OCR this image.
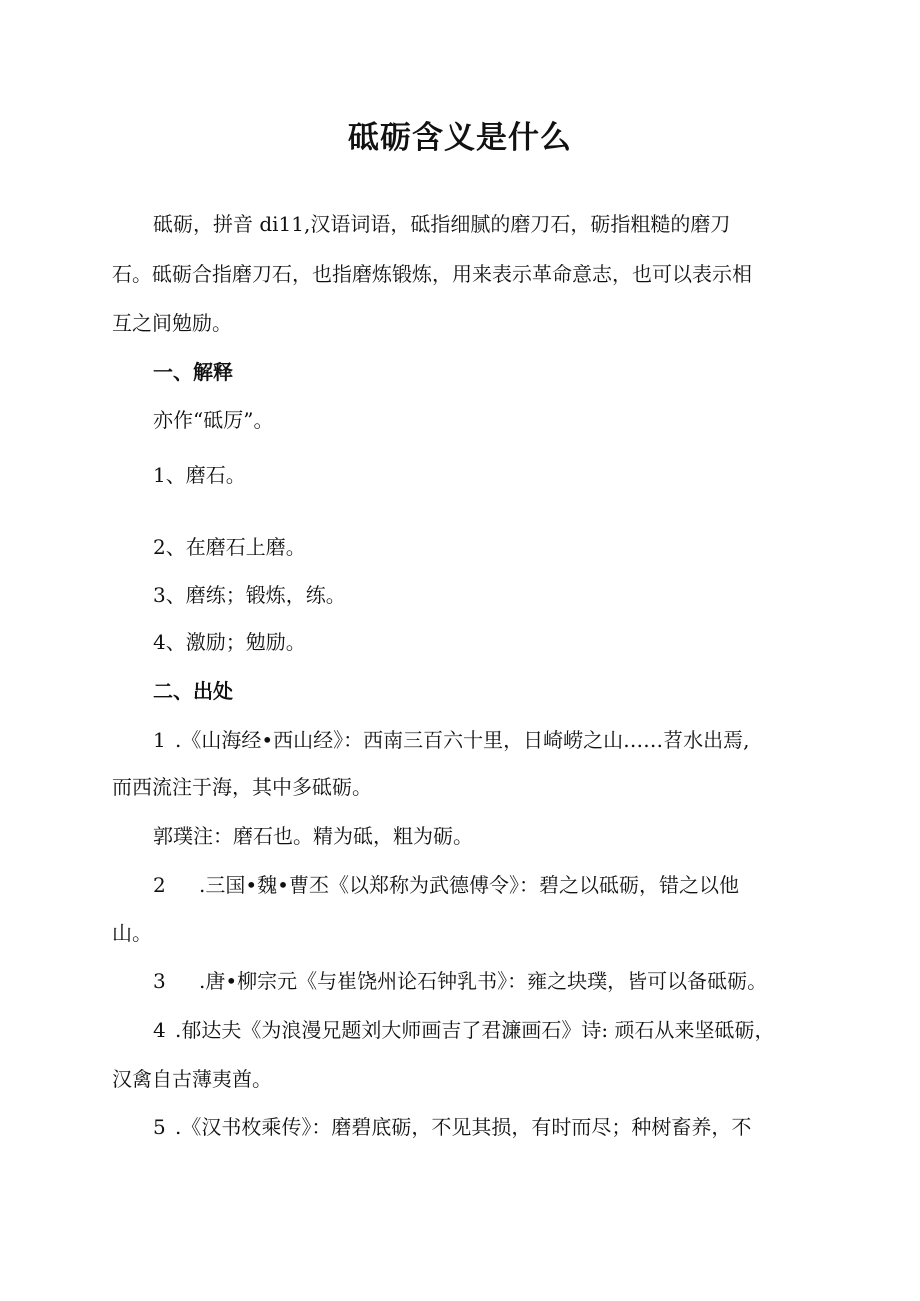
砥砺含义是什么
砥砺，拼音 di11,汉语词语，砥指细腻的磨刀石，砺指粗糙的磨刀
石。砥砺合指磨刀石，也指磨炼锻炼，用来表示革命意志，也可以表示相
互之间勉励。
一、解释
亦作“砥厉”。
1、磨石。
2、在磨石上磨。
3、磨练；锻炼，练。
4、激励；勉励。
二、出处
1 .《山海经•西山经》：西南三百六十里，日崎崂之山……苕水出焉,
而西流注于海，其中多砥砺。
郭璞注：磨石也。精为砥，粗为砺。
2 .三国•魏•曹丕《以郑称为武德傅令》：碧之以砥砺，错之以他
山。
3 .唐•柳宗元《与崔饶州论石钟乳书》：雍之块璞，皆可以备砥砺。
4 .郁达夫《为浪漫兄题刘大师画吉了君濂画石》诗: 顽石从来坚砥砺，
汉禽自古薄夷酋。
5 .《汉书枚乘传》：磨碧底砺，不见其损，有时而尽；种树畜养，不
